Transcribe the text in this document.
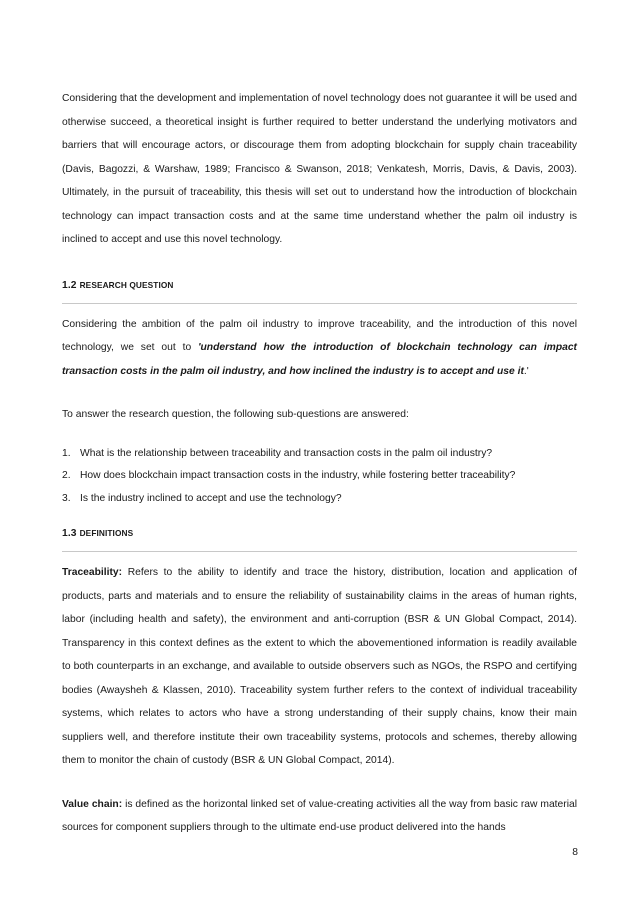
Considering that the development and implementation of novel technology does not guarantee it will be used and otherwise succeed, a theoretical insight is further required to better understand the underlying motivators and barriers that will encourage actors, or discourage them from adopting blockchain for supply chain traceability (Davis, Bagozzi, & Warshaw, 1989; Francisco & Swanson, 2018; Venkatesh, Morris, Davis, & Davis, 2003). Ultimately, in the pursuit of traceability, this thesis will set out to understand how the introduction of blockchain technology can impact transaction costs and at the same time understand whether the palm oil industry is inclined to accept and use this novel technology.

1.2 RESEARCH QUESTION

Considering the ambition of the palm oil industry to improve traceability, and the introduction of this novel technology, we set out to 'understand how the introduction of blockchain technology can impact transaction costs in the palm oil industry, and how inclined the industry is to accept and use it.'

To answer the research question, the following sub-questions are answered:

1. What is the relationship between traceability and transaction costs in the palm oil industry?
2. How does blockchain impact transaction costs in the industry, while fostering better traceability?
3. Is the industry inclined to accept and use the technology?
1.3 DEFINITIONS

Traceability: Refers to the ability to identify and trace the history, distribution, location and application of products, parts and materials and to ensure the reliability of sustainability claims in the areas of human rights, labor (including health and safety), the environment and anti-corruption (BSR & UN Global Compact, 2014). Transparency in this context defines as the extent to which the abovementioned information is readily available to both counterparts in an exchange, and available to outside observers such as NGOs, the RSPO and certifying bodies (Awaysheh & Klassen, 2010). Traceability system further refers to the context of individual traceability systems, which relates to actors who have a strong understanding of their supply chains, know their main suppliers well, and therefore institute their own traceability systems, protocols and schemes, thereby allowing them to monitor the chain of custody (BSR & UN Global Compact, 2014).

Value chain: is defined as the horizontal linked set of value-creating activities all the way from basic raw material sources for component suppliers through to the ultimate end-use product delivered into the hands

8
